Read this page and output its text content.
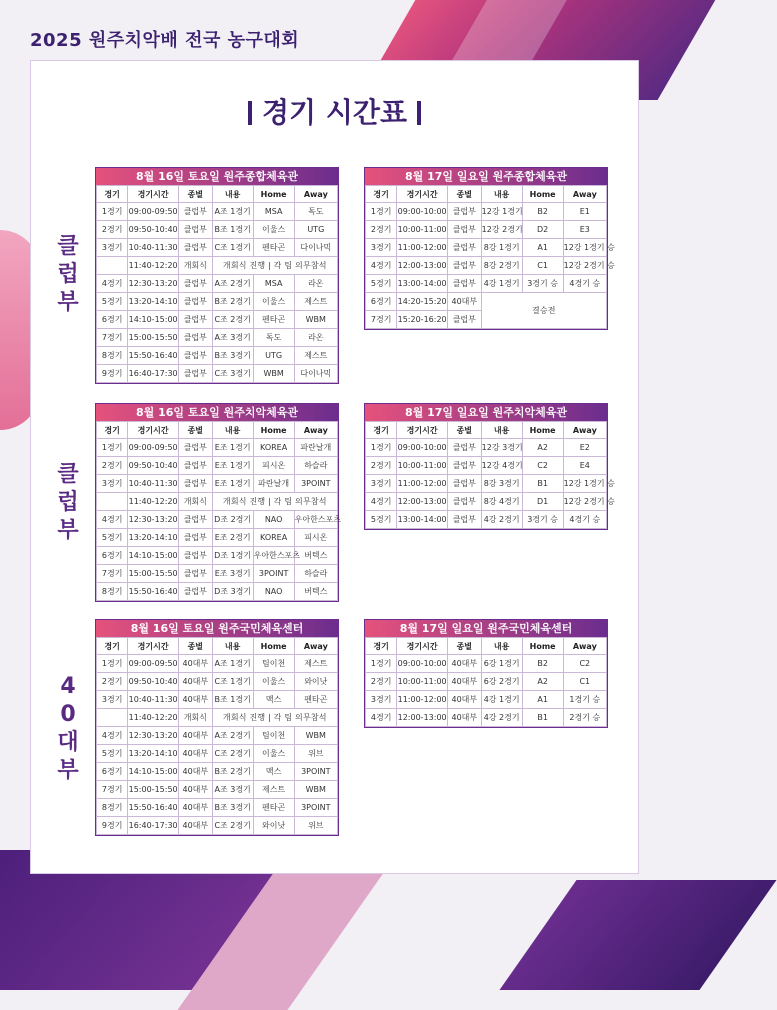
2025 원주치악배 전국 농구대회
경기 시간표
클
럽
부
클
럽
부
4
0
대
부
8월 16일 토요일 원주종합체육관
경기	경기시간	종별	내용	Home	Away
1경기	09:00-09:50	클럽부	A조 1경기	MSA	독도
2경기	09:50-10:40	클럽부	B조 1경기	이울스	UTG
3경기	10:40-11:30	클럽부	C조 1경기	펜타곤	다이나믹
	11:40-12:20	개회식	개회식 진행 | 각 팀 의무참석		
4경기	12:30-13:20	클럽부	A조 2경기	MSA	라온
5경기	13:20-14:10	클럽부	B조 2경기	이울스	제스트
6경기	14:10-15:00	클럽부	C조 2경기	펜타곤	WBM
7경기	15:00-15:50	클럽부	A조 3경기	독도	라온
8경기	15:50-16:40	클럽부	B조 3경기	UTG	제스트
9경기	16:40-17:30	클럽부	C조 3경기	WBM	다이나믹
8월 17일 일요일 원주종합체육관
경기	경기시간	종별	내용	Home	Away
1경기	09:00-10:00	클럽부	12강 1경기	B2	E1
2경기	10:00-11:00	클럽부	12강 2경기	D2	E3
3경기	11:00-12:00	클럽부	8강 1경기	A1	12강 1경기 승
4경기	12:00-13:00	클럽부	8강 2경기	C1	12강 2경기 승
5경기	13:00-14:00	클럽부	4강 1경기	3경기 승	4경기 승
6경기	14:20-15:20	40대부	결승전		
7경기	15:20-16:20	클럽부			
8월 16일 토요일 원주치악체육관
경기	경기시간	종별	내용	Home	Away
1경기	09:00-09:50	클럽부	E조 1경기	KOREA	파란날개
2경기	09:50-10:40	클럽부	E조 1경기	피시온	하슬라
3경기	10:40-11:30	클럽부	E조 1경기	파란날개	3POINT
	11:40-12:20	개회식	개회식 진행 | 각 팀 의무참석		
4경기	12:30-13:20	클럽부	D조 2경기	NAO	우아한스포츠
5경기	13:20-14:10	클럽부	E조 2경기	KOREA	피시온
6경기	14:10-15:00	클럽부	D조 1경기	우아한스포츠	버텍스
7경기	15:00-15:50	클럽부	E조 3경기	3POINT	하슬라
8경기	15:50-16:40	클럽부	D조 3경기	NAO	버텍스
8월 17일 일요일 원주치악체육관
경기	경기시간	종별	내용	Home	Away
1경기	09:00-10:00	클럽부	12강 3경기	A2	E2
2경기	10:00-11:00	클럽부	12강 4경기	C2	E4
3경기	11:00-12:00	클럽부	8강 3경기	B1	12강 1경기 승
4경기	12:00-13:00	클럽부	8강 4경기	D1	12강 2경기 승
5경기	13:00-14:00	클럽부	4강 2경기	3경기 승	4경기 승
8월 16일 토요일 원주국민체육센터
경기	경기시간	종별	내용	Home	Away
1경기	09:00-09:50	40대부	A조 1경기	팀이천	제스트
2경기	09:50-10:40	40대부	C조 1경기	이울스	와이낫
3경기	10:40-11:30	40대부	B조 1경기	맥스	펜타곤
	11:40-12:20	개회식	개회식 진행 | 각 팀 의무참석		
4경기	12:30-13:20	40대부	A조 2경기	팀이천	WBM
5경기	13:20-14:10	40대부	C조 2경기	이울스	위브
6경기	14:10-15:00	40대부	B조 2경기	맥스	3POINT
7경기	15:00-15:50	40대부	A조 3경기	제스트	WBM
8경기	15:50-16:40	40대부	B조 3경기	펜타곤	3POINT
9경기	16:40-17:30	40대부	C조 2경기	와이낫	위브
8월 17일 일요일 원주국민체육센터
경기	경기시간	종별	내용	Home	Away
1경기	09:00-10:00	40대부	6강 1경기	B2	C2
2경기	10:00-11:00	40대부	6강 2경기	A2	C1
3경기	11:00-12:00	40대부	4강 1경기	A1	1경기 승
4경기	12:00-13:00	40대부	4강 2경기	B1	2경기 승
